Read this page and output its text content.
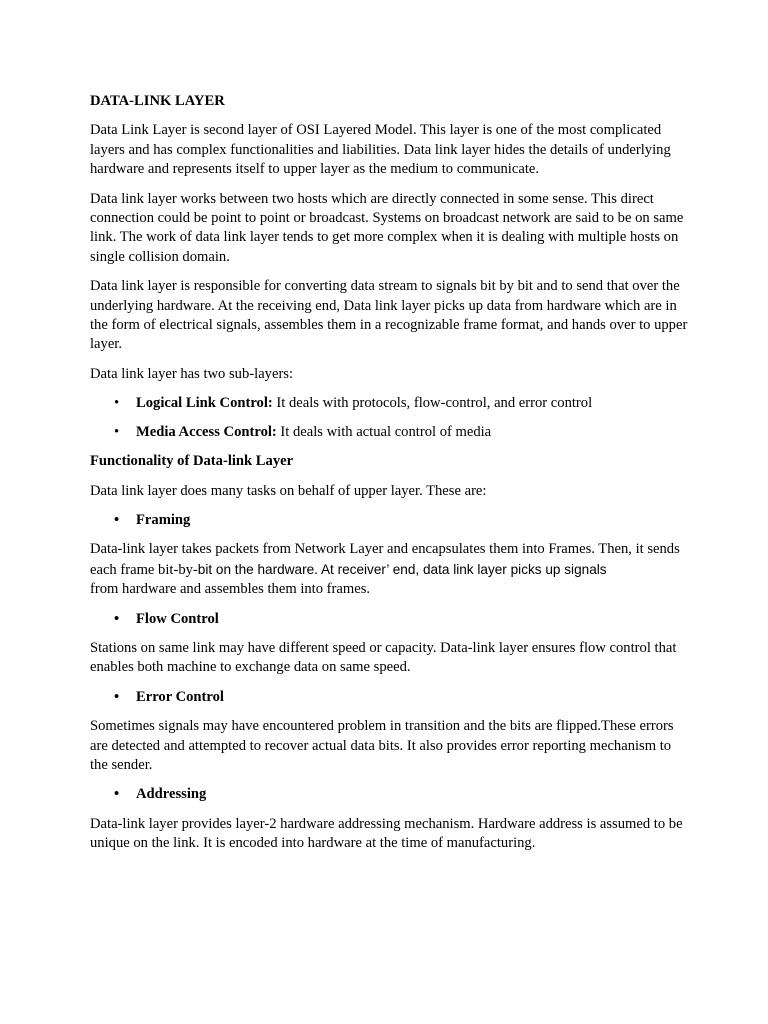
DATA-LINK LAYER

Data Link Layer is second layer of OSI Layered Model. This layer is one of the most complicated layers and has complex functionalities and liabilities. Data link layer hides the details of underlying hardware and represents itself to upper layer as the medium to communicate.

Data link layer works between two hosts which are directly connected in some sense. This direct connection could be point to point or broadcast. Systems on broadcast network are said to be on same link. The work of data link layer tends to get more complex when it is dealing with multiple hosts on single collision domain.

Data link layer is responsible for converting data stream to signals bit by bit and to send that over the underlying hardware. At the receiving end, Data link layer picks up data from hardware which are in the form of electrical signals, assembles them in a recognizable frame format, and hands over to upper layer.

Data link layer has two sub-layers:

• Logical Link Control: It deals with protocols, flow-control, and error control
• Media Access Control: It deals with actual control of media
Functionality of Data-link Layer

Data link layer does many tasks on behalf of upper layer. These are:

• Framing

Data-link layer takes packets from Network Layer and encapsulates them into Frames. Then, it sends each frame bit-by-bit on the hardware. At receiver’ end, data link layer picks up signals
from hardware and assembles them into frames.

• Flow Control

Stations on same link may have different speed or capacity. Data-link layer ensures flow control that enables both machine to exchange data on same speed.

• Error Control

Sometimes signals may have encountered problem in transition and the bits are flipped.These errors are detected and attempted to recover actual data bits. It also provides error reporting mechanism to the sender.

• Addressing

Data-link layer provides layer-2 hardware addressing mechanism. Hardware address is assumed to be unique on the link. It is encoded into hardware at the time of manufacturing.
